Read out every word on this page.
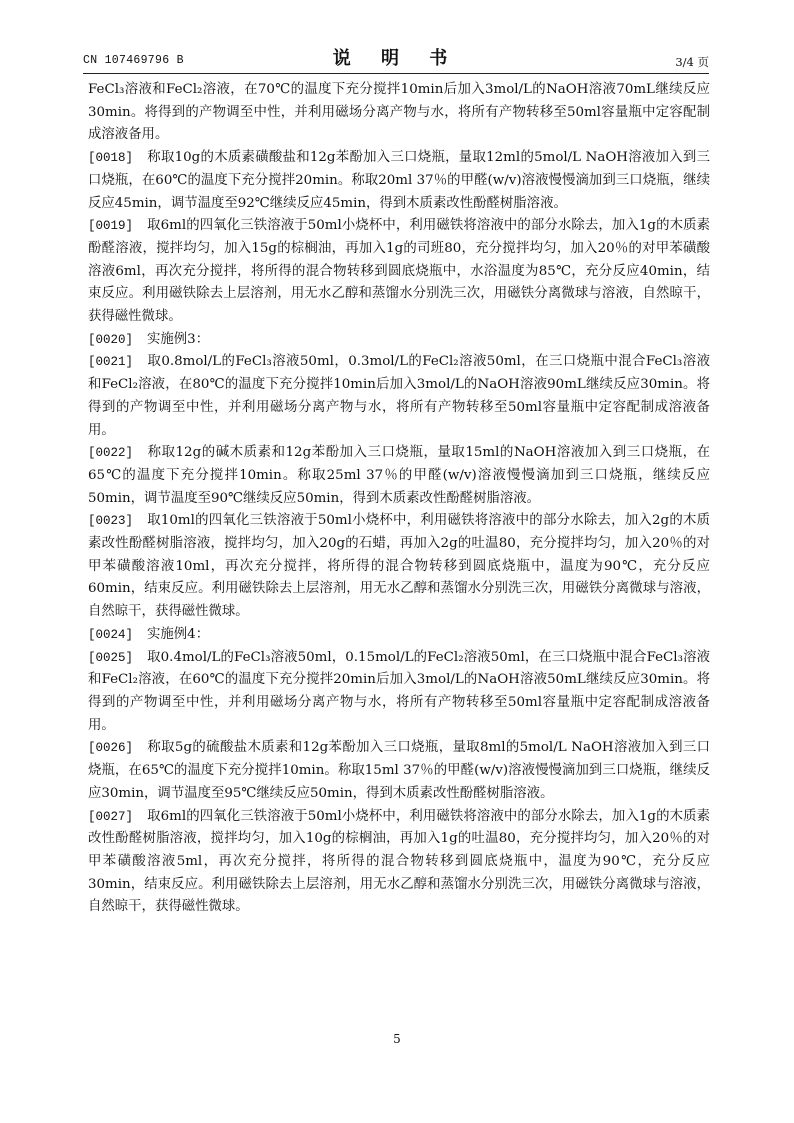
CN 107469796 B	说 明 书	3/4 页

FeCl₃溶液和FeCl₂溶液，在70℃的温度下充分搅拌10min后加入3mol/L的NaOH溶液70mL继续反应30min。将得到的产物调至中性，并利用磁场分离产物与水，将所有产物转移至50ml容量瓶中定容配制成溶液备用。

[0018] 称取10g的木质素磺酸盐和12g苯酚加入三口烧瓶，量取12ml的5mol/L NaOH溶液加入到三口烧瓶，在60℃的温度下充分搅拌20min。称取20ml 37％的甲醛(w/v)溶液慢慢滴加到三口烧瓶，继续反应45min，调节温度至92℃继续反应45min，得到木质素改性酚醛树脂溶液。

[0019] 取6ml的四氧化三铁溶液于50ml小烧杯中，利用磁铁将溶液中的部分水除去，加入1g的木质素酚醛溶液，搅拌均匀，加入15g的棕榈油，再加入1g的司班80，充分搅拌均匀，加入20％的对甲苯磺酸溶液6ml，再次充分搅拌，将所得的混合物转移到圆底烧瓶中，水浴温度为85℃，充分反应40min，结束反应。利用磁铁除去上层溶剂，用无水乙醇和蒸馏水分别洗三次，用磁铁分离微球与溶液，自然晾干，获得磁性微球。

[0020] 实施例3：

[0021] 取0.8mol/L的FeCl₃溶液50ml，0.3mol/L的FeCl₂溶液50ml，在三口烧瓶中混合FeCl₃溶液和FeCl₂溶液，在80℃的温度下充分搅拌10min后加入3mol/L的NaOH溶液90mL继续反应30min。将得到的产物调至中性，并利用磁场分离产物与水，将所有产物转移至50ml容量瓶中定容配制成溶液备用。

[0022] 称取12g的碱木质素和12g苯酚加入三口烧瓶，量取15ml的NaOH溶液加入到三口烧瓶，在65℃的温度下充分搅拌10min。称取25ml 37％的甲醛(w/v)溶液慢慢滴加到三口烧瓶，继续反应50min，调节温度至90℃继续反应50min，得到木质素改性酚醛树脂溶液。

[0023] 取10ml的四氧化三铁溶液于50ml小烧杯中，利用磁铁将溶液中的部分水除去，加入2g的木质素改性酚醛树脂溶液，搅拌均匀，加入20g的石蜡，再加入2g的吐温80，充分搅拌均匀，加入20％的对甲苯磺酸溶液10ml，再次充分搅拌，将所得的混合物转移到圆底烧瓶中，温度为90℃，充分反应60min，结束反应。利用磁铁除去上层溶剂，用无水乙醇和蒸馏水分别洗三次，用磁铁分离微球与溶液，自然晾干，获得磁性微球。

[0024] 实施例4：

[0025] 取0.4mol/L的FeCl₃溶液50ml，0.15mol/L的FeCl₂溶液50ml，在三口烧瓶中混合FeCl₃溶液和FeCl₂溶液，在60℃的温度下充分搅拌20min后加入3mol/L的NaOH溶液50mL继续反应30min。将得到的产物调至中性，并利用磁场分离产物与水，将所有产物转移至50ml容量瓶中定容配制成溶液备用。

[0026] 称取5g的硫酸盐木质素和12g苯酚加入三口烧瓶，量取8ml的5mol/L NaOH溶液加入到三口烧瓶，在65℃的温度下充分搅拌10min。称取15ml 37％的甲醛(w/v)溶液慢慢滴加到三口烧瓶，继续反应30min，调节温度至95℃继续反应50min，得到木质素改性酚醛树脂溶液。

[0027] 取6ml的四氧化三铁溶液于50ml小烧杯中，利用磁铁将溶液中的部分水除去，加入1g的木质素改性酚醛树脂溶液，搅拌均匀，加入10g的棕榈油，再加入1g的吐温80，充分搅拌均匀，加入20％的对甲苯磺酸溶液5ml，再次充分搅拌，将所得的混合物转移到圆底烧瓶中，温度为90℃，充分反应30min，结束反应。利用磁铁除去上层溶剂，用无水乙醇和蒸馏水分别洗三次，用磁铁分离微球与溶液，自然晾干，获得磁性微球。

5
